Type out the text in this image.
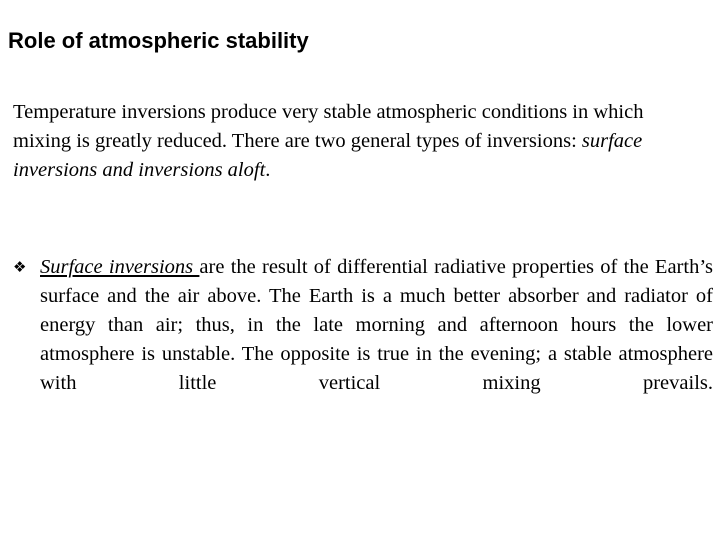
Role of atmospheric stability

Temperature inversions produce very stable atmospheric conditions in which mixing is greatly reduced. There are two general types of inversions: surface inversions and inversions aloft.

❖ Surface inversions are the result of differential radiative properties of the Earth’s surface and the air above. The Earth is a much better absorber and radiator of energy than air; thus, in the late morning and afternoon hours the lower atmosphere is unstable. The opposite is true in the evening; a stable atmosphere with little vertical mixing prevails.
